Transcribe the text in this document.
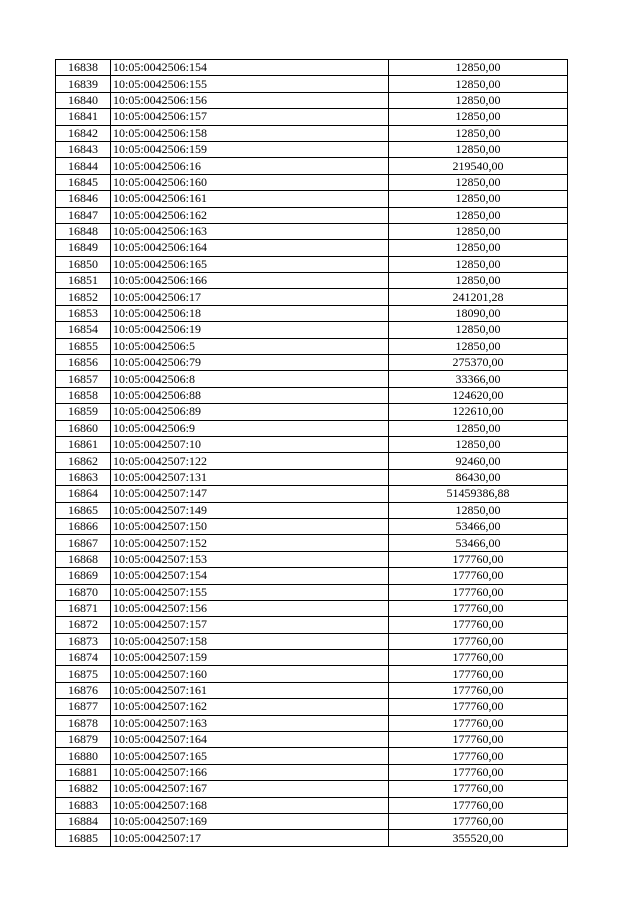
16838	10:05:0042506:154	12850,00
16839	10:05:0042506:155	12850,00
16840	10:05:0042506:156	12850,00
16841	10:05:0042506:157	12850,00
16842	10:05:0042506:158	12850,00
16843	10:05:0042506:159	12850,00
16844	10:05:0042506:16	219540,00
16845	10:05:0042506:160	12850,00
16846	10:05:0042506:161	12850,00
16847	10:05:0042506:162	12850,00
16848	10:05:0042506:163	12850,00
16849	10:05:0042506:164	12850,00
16850	10:05:0042506:165	12850,00
16851	10:05:0042506:166	12850,00
16852	10:05:0042506:17	241201,28
16853	10:05:0042506:18	18090,00
16854	10:05:0042506:19	12850,00
16855	10:05:0042506:5	12850,00
16856	10:05:0042506:79	275370,00
16857	10:05:0042506:8	33366,00
16858	10:05:0042506:88	124620,00
16859	10:05:0042506:89	122610,00
16860	10:05:0042506:9	12850,00
16861	10:05:0042507:10	12850,00
16862	10:05:0042507:122	92460,00
16863	10:05:0042507:131	86430,00
16864	10:05:0042507:147	51459386,88
16865	10:05:0042507:149	12850,00
16866	10:05:0042507:150	53466,00
16867	10:05:0042507:152	53466,00
16868	10:05:0042507:153	177760,00
16869	10:05:0042507:154	177760,00
16870	10:05:0042507:155	177760,00
16871	10:05:0042507:156	177760,00
16872	10:05:0042507:157	177760,00
16873	10:05:0042507:158	177760,00
16874	10:05:0042507:159	177760,00
16875	10:05:0042507:160	177760,00
16876	10:05:0042507:161	177760,00
16877	10:05:0042507:162	177760,00
16878	10:05:0042507:163	177760,00
16879	10:05:0042507:164	177760,00
16880	10:05:0042507:165	177760,00
16881	10:05:0042507:166	177760,00
16882	10:05:0042507:167	177760,00
16883	10:05:0042507:168	177760,00
16884	10:05:0042507:169	177760,00
16885	10:05:0042507:17	355520,00
